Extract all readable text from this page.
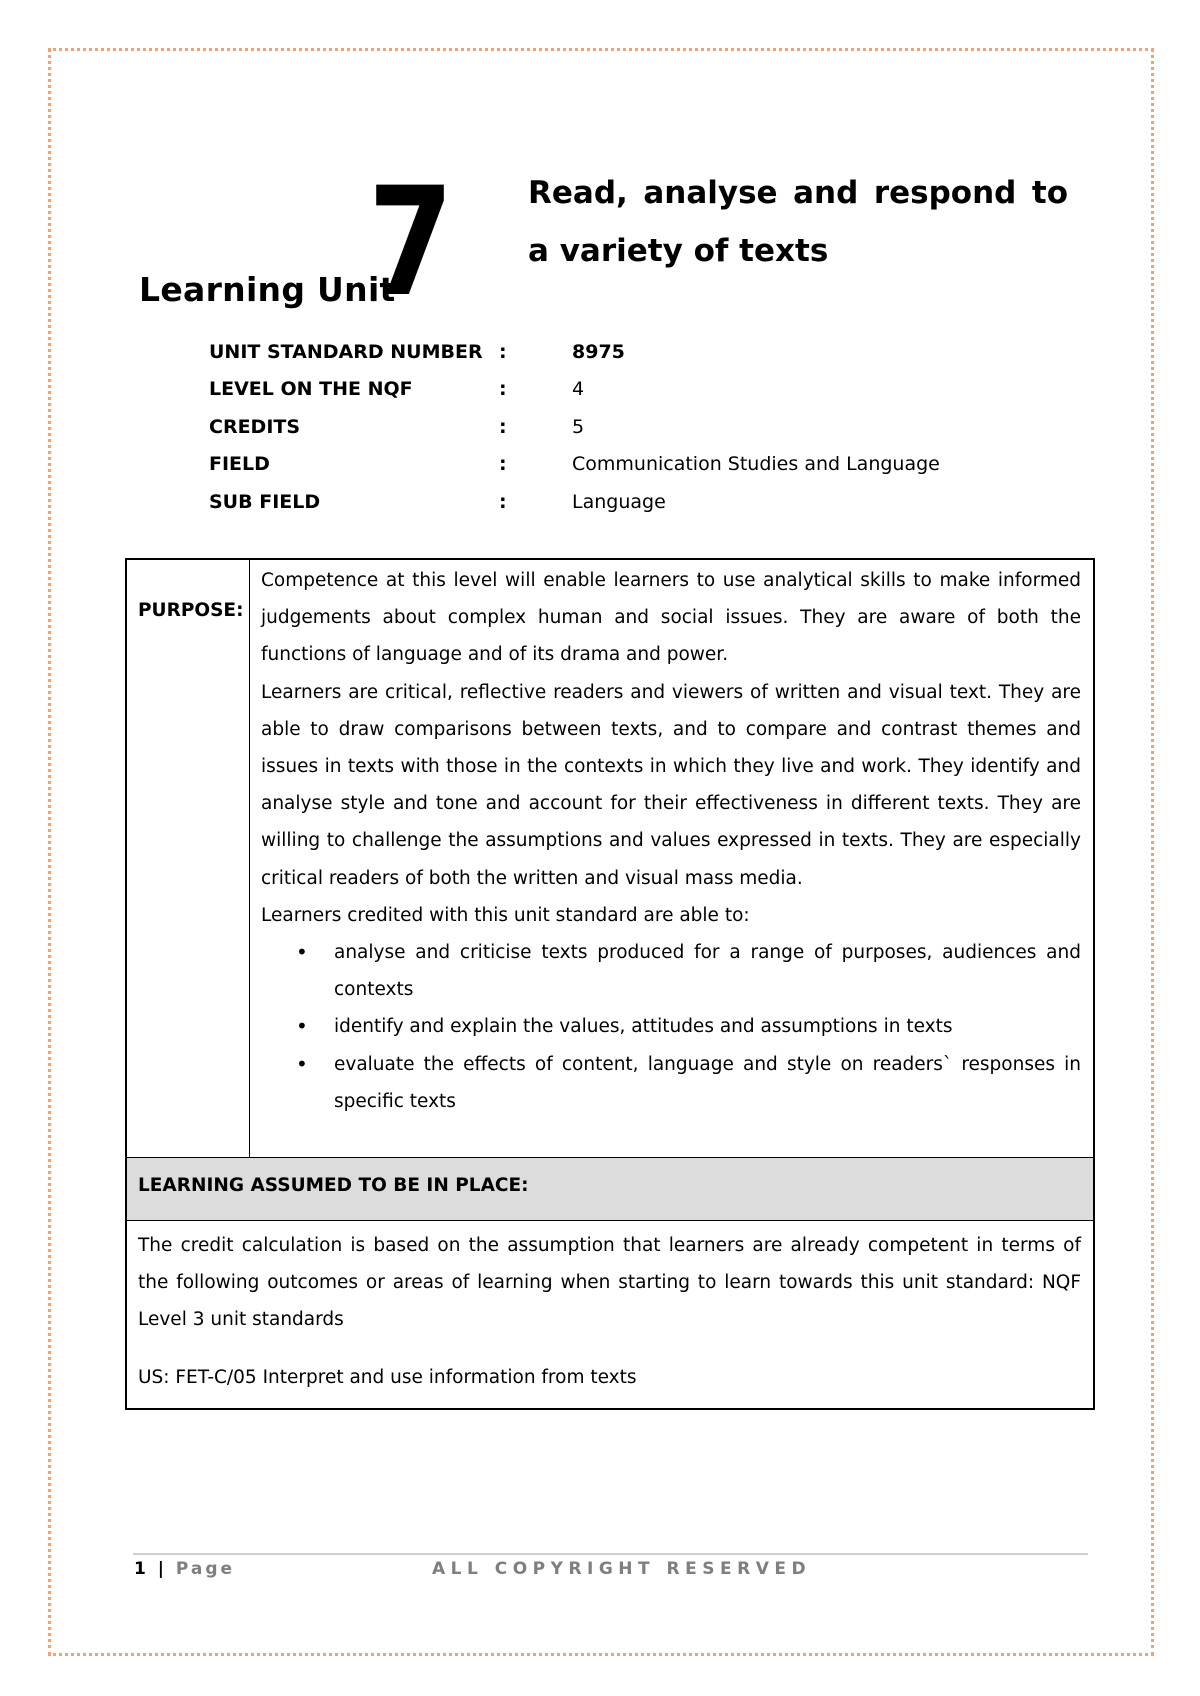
Learning Unit
7	Read, analyse and respond to a variety of texts
UNIT STANDARD NUMBER :	8975
LEVEL ON THE NQF	:	4
CREDITS	:	5
FIELD	:	Communication Studies and Language
SUB FIELD	:	Language
PURPOSE:

Competence at this level will enable learners to use analytical skills to make informed judgements about complex human and social issues. They are aware of both the functions of language and of its drama and power.

Learners are critical, reflective readers and viewers of written and visual text. They are able to draw comparisons between texts, and to compare and contrast themes and issues in texts with those in the contexts in which they live and work. They identify and analyse style and tone and account for their effectiveness in different texts. They are willing to challenge the assumptions and values expressed in texts. They are especially critical readers of both the written and visual mass media.

Learners credited with this unit standard are able to:

• analyse and criticise texts produced for a range of purposes, audiences and contexts
• identify and explain the values, attitudes and assumptions in texts
• evaluate the effects of content, language and style on readers` responses in specific texts
LEARNING ASSUMED TO BE IN PLACE:

The credit calculation is based on the assumption that learners are already competent in terms of the following outcomes or areas of learning when starting to learn towards this unit standard: NQF Level 3 unit standards

US: FET-C/05 Interpret and use information from texts

1 | Page	ALL COPYRIGHT RESERVED
